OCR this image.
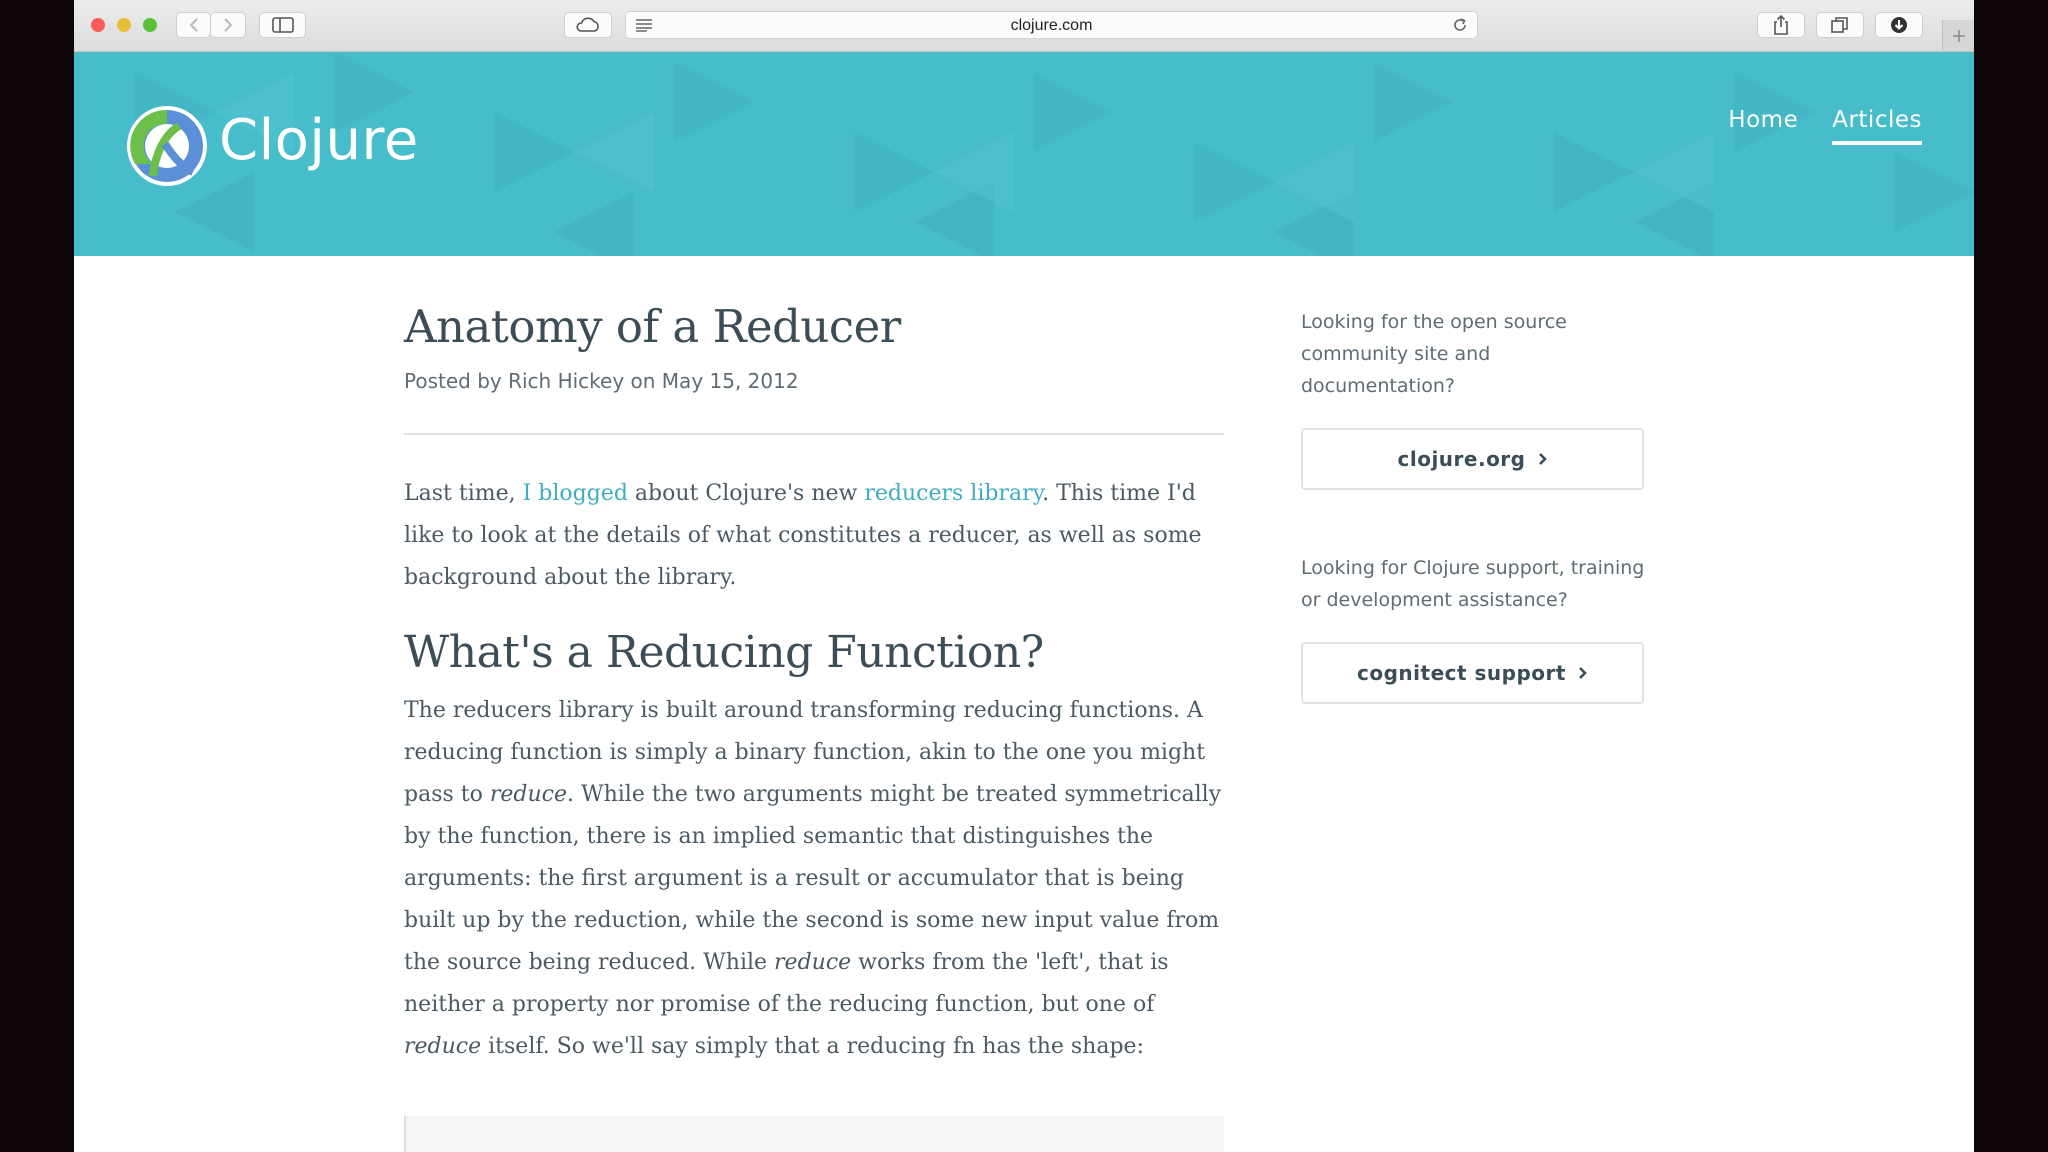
clojure.com
Clojure	Home Articles
Anatomy of a Reducer
Posted by Rich Hickey on May 15, 2012

Last time, I blogged about Clojure's new reducers library. This time I'd like to look at the details of what constitutes a reducer, as well as some background about the library.

What's a Reducing Function?

The reducers library is built around transforming reducing functions. A reducing function is simply a binary function, akin to the one you might pass to reduce. While the two arguments might be treated symmetrically by the function, there is an implied semantic that distinguishes the arguments: the first argument is a result or accumulator that is being built up by the reduction, while the second is some new input value from the source being reduced. While reduce works from the 'left', that is neither a property nor promise of the reducing function, but one of reduce itself. So we'll say simply that a reducing fn has the shape:

Looking for the open source community site and documentation?

clojure.org

Looking for Clojure support, training or development assistance?

cognitect support
